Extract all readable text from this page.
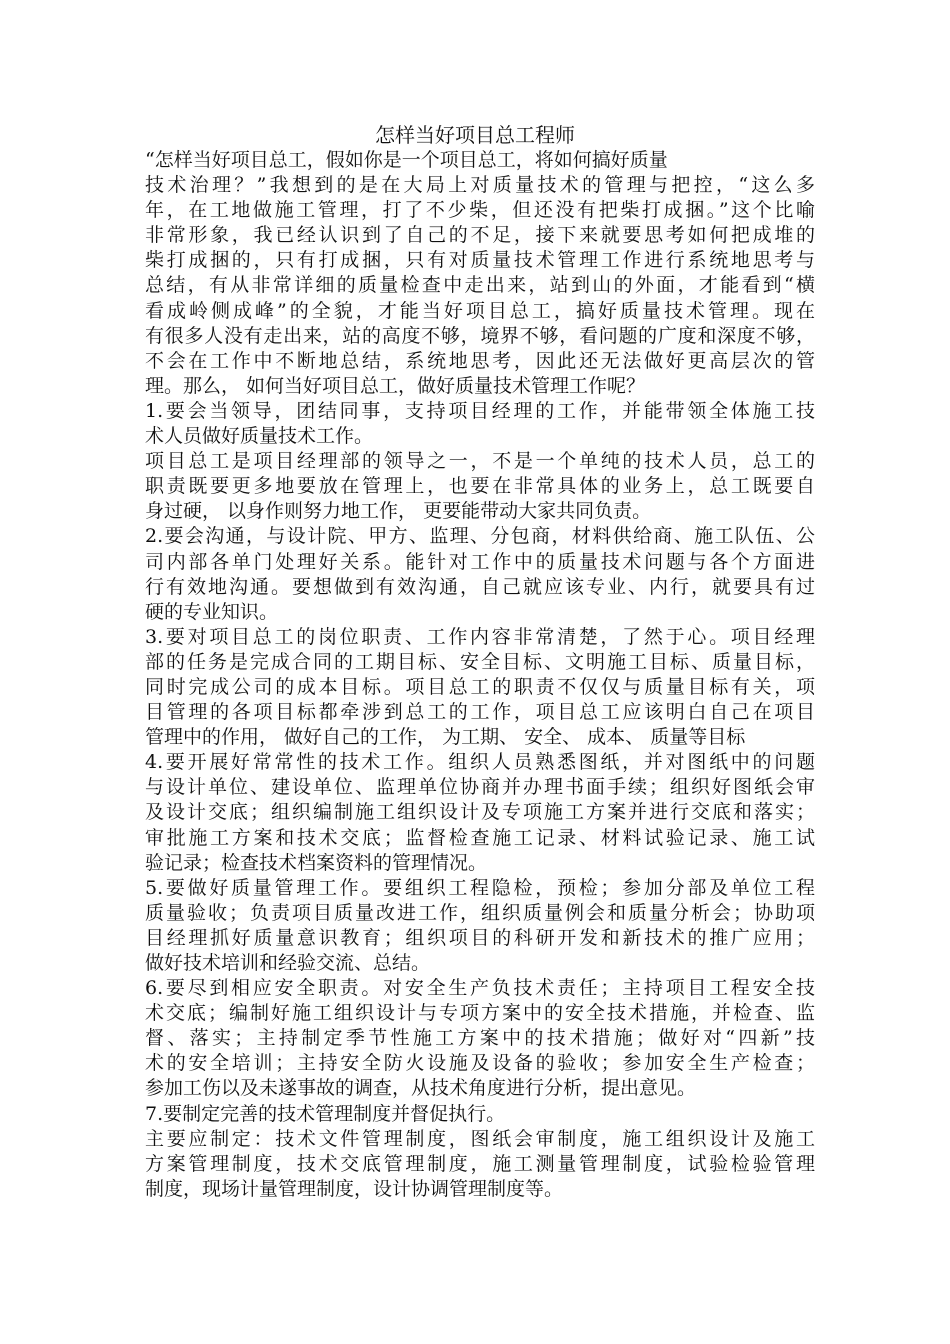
怎样当好项目总工程师
“怎样当好项目总工，假如你是一个项目总工，将如何搞好质量
技术治理？”我想到的是在大局上对质量技术的管理与把控，“这么多
年，在工地做施工管理，打了不少柴，但还没有把柴打成捆。”这个比喻
非常形象，我已经认识到了自己的不足，接下来就要思考如何把成堆的
柴打成捆的，只有打成捆，只有对质量技术管理工作进行系统地思考与
总结，有从非常详细的质量检查中走出来，站到山的外面，才能看到“横
看成岭侧成峰”的全貌，才能当好项目总工，搞好质量技术管理。现在
有很多人没有走出来，站的高度不够，境界不够，看问题的广度和深度不够，
不会在工作中不断地总结，系统地思考，因此还无法做好更高层次的管
理。那么， 如何当好项目总工，做好质量技术管理工作呢？
1.要会当领导，团结同事，支持项目经理的工作，并能带领全体施工技
术人员做好质量技术工作。
项目总工是项目经理部的领导之一，不是一个单纯的技术人员，总工的
职责既要更多地要放在管理上，也要在非常具体的业务上，总工既要自
身过硬， 以身作则努力地工作， 更要能带动大家共同负责。
2.要会沟通，与设计院、甲方、监理、分包商，材料供给商、施工队伍、公
司内部各单门处理好关系。能针对工作中的质量技术问题与各个方面进
行有效地沟通。要想做到有效沟通，自己就应该专业、内行，就要具有过
硬的专业知识。
3.要对项目总工的岗位职责、工作内容非常清楚，了然于心。项目经理
部的任务是完成合同的工期目标、安全目标、文明施工目标、质量目标，
同时完成公司的成本目标。项目总工的职责不仅仅与质量目标有关，项
目管理的各项目标都牵涉到总工的工作，项目总工应该明白自己在项目
管理中的作用， 做好自己的工作， 为工期、 安全、 成本、 质量等目标
4.要开展好常常性的技术工作。组织人员熟悉图纸，并对图纸中的问题
与设计单位、建设单位、监理单位协商并办理书面手续；组织好图纸会审
及设计交底；组织编制施工组织设计及专项施工方案并进行交底和落实；
审批施工方案和技术交底；监督检查施工记录、材料试验记录、施工试
验记录；检查技术档案资料的管理情况。
5.要做好质量管理工作。要组织工程隐检，预检；参加分部及单位工程
质量验收；负责项目质量改进工作，组织质量例会和质量分析会；协助项
目经理抓好质量意识教育；组织项目的科研开发和新技术的推广应用；
做好技术培训和经验交流、总结。
6.要尽到相应安全职责。对安全生产负技术责任；主持项目工程安全技
术交底；编制好施工组织设计与专项方案中的安全技术措施，并检查、监
督、落实；主持制定季节性施工方案中的技术措施；做好对“四新”技
术的安全培训；主持安全防火设施及设备的验收；参加安全生产检查；
参加工伤以及未遂事故的调查，从技术角度进行分析，提出意见。
7.要制定完善的技术管理制度并督促执行。
主要应制定：技术文件管理制度，图纸会审制度，施工组织设计及施工
方案管理制度，技术交底管理制度，施工测量管理制度，试验检验管理
制度，现场计量管理制度，设计协调管理制度等。
